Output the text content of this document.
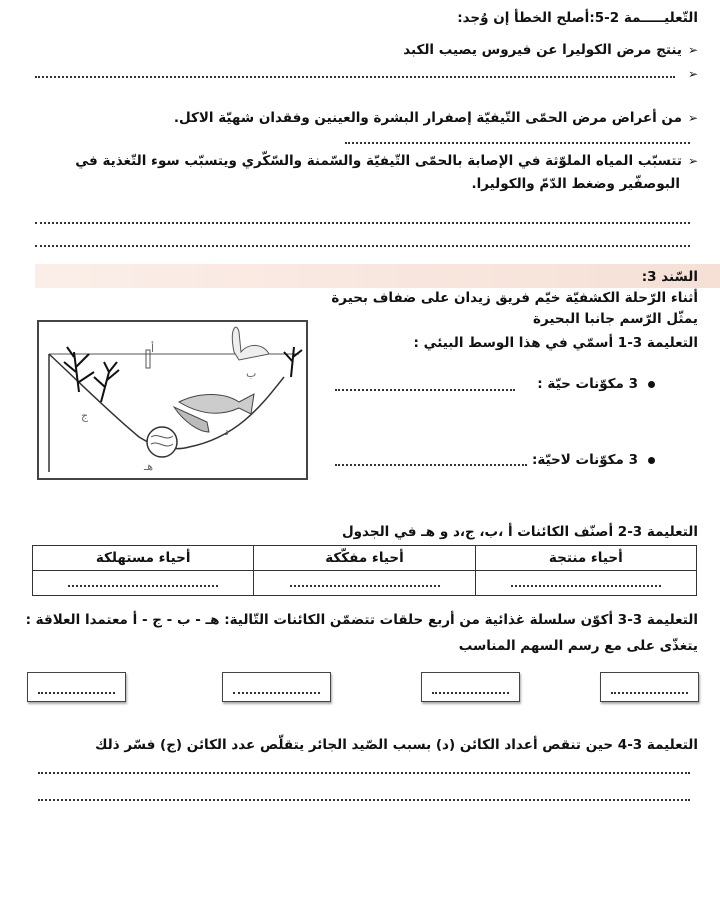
التّعليـــــمة 2-5:أصلح الخطأ إن وُجد:
➢ينتج مرض الكوليرا عن فيروس يصيب الكبد
➢
➢من أعراض مرض الحمّى التّيفيّة إصفرار البشرة والعينين وفقدان شهيّة الاكل.
➢تتسبّب المياه الملوّثة في الإصابة بالحمّى التّيفيّة والسّمنة والسّكّري ويتسبّب سوء التّغذية في
البوصفّير وضغط الدّمّ والكوليرا.
السّند 3:
أثناء الرّحلة الكشفيّة خيّم فريق زيدان على ضفاف بحيرة
يمثّل الرّسم جانبا البحيرة
التعليمة 3-1 أسمّي في هذا الوسط البيئي :
أ
ب
ج
د
هـ
3 مكوّنات حيّة :
3 مكوّنات لاحيّة:
التعليمة 3-2 أصنّف الكائنات أ ،ب، ج،د و هـ في الجدول
أحياء منتجة	أحياء مفكّكة	أحياء مستهلكة

التعليمة 3-3 أكوّن سلسلة غذائية من أربع حلقات تتضمّن الكائنات التّالية: هـ - ب - ج - أ معتمدا العلاقة :
يتغذّى على مع رسم السهم المناسب
التعليمة 3-4 حين تنقص أعداد الكائن (د) بسبب الصّيد الجائر يتقلّص عدد الكائن (ج) فسّر ذلك
